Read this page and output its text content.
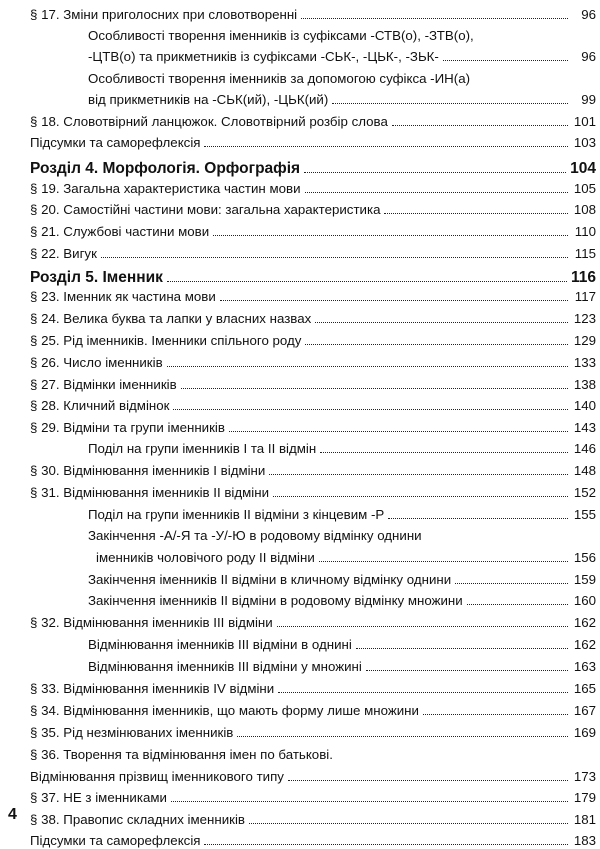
§ 17. Зміни приголосних при словотворенні	96
Особливості творення іменників із суфіксами -СТВ(о), -ЗТВ(о),
-ЦТВ(о) та прикметників із суфіксами -СЬК-, -ЦЬК-, -ЗЬК-	96
Особливості творення іменників за допомогою суфікса -ИН(а)
від прикметників на -СЬК(ий), -ЦЬК(ий)	99
§ 18. Словотвірний ланцюжок. Словотвірний розбір слова	101
Підсумки та саморефлексія	103
Розділ 4. Морфологія. Орфографія	104
§ 19. Загальна характеристика частин мови	105
§ 20. Самостійні частини мови: загальна характеристика	108
§ 21. Службові частини мови	110
§ 22. Вигук	115
Розділ 5. Іменник	116
§ 23. Іменник як частина мови	117
§ 24. Велика буква та лапки у власних назвах	123
§ 25. Рід іменників. Іменники спільного роду	129
§ 26. Число іменників	133
§ 27. Відмінки іменників	138
§ 28. Кличний відмінок	140
§ 29. Відміни та групи іменників	143
Поділ на групи іменників І та ІІ відмін	146
§ 30. Відмінювання іменників І відміни	148
§ 31. Відмінювання іменників ІІ відміни	152
Поділ на групи іменників ІІ відміни з кінцевим -Р	155
Закінчення -А/-Я та -У/-Ю в родовому відмінку однини
іменників чоловічого роду ІІ відміни	156
Закінчення іменників ІІ відміни в кличному відмінку однини	159
Закінчення іменників ІІ відміни в родовому відмінку множини	160
§ 32. Відмінювання іменників ІІІ відміни	162
Відмінювання іменників ІІІ відміни в однині	162
Відмінювання іменників ІІІ відміни у множині	163
§ 33. Відмінювання іменників IV відміни	165
§ 34. Відмінювання іменників, що мають форму лише множини	167
§ 35. Рід незмінюваних іменників	169
§ 36. Творення та відмінювання імен по батькові.
Відмінювання прізвищ іменникового типу	173
§ 37. НЕ з іменниками	179
§ 38. Правопис складних іменників	181
Підсумки та саморефлексія	183
4
